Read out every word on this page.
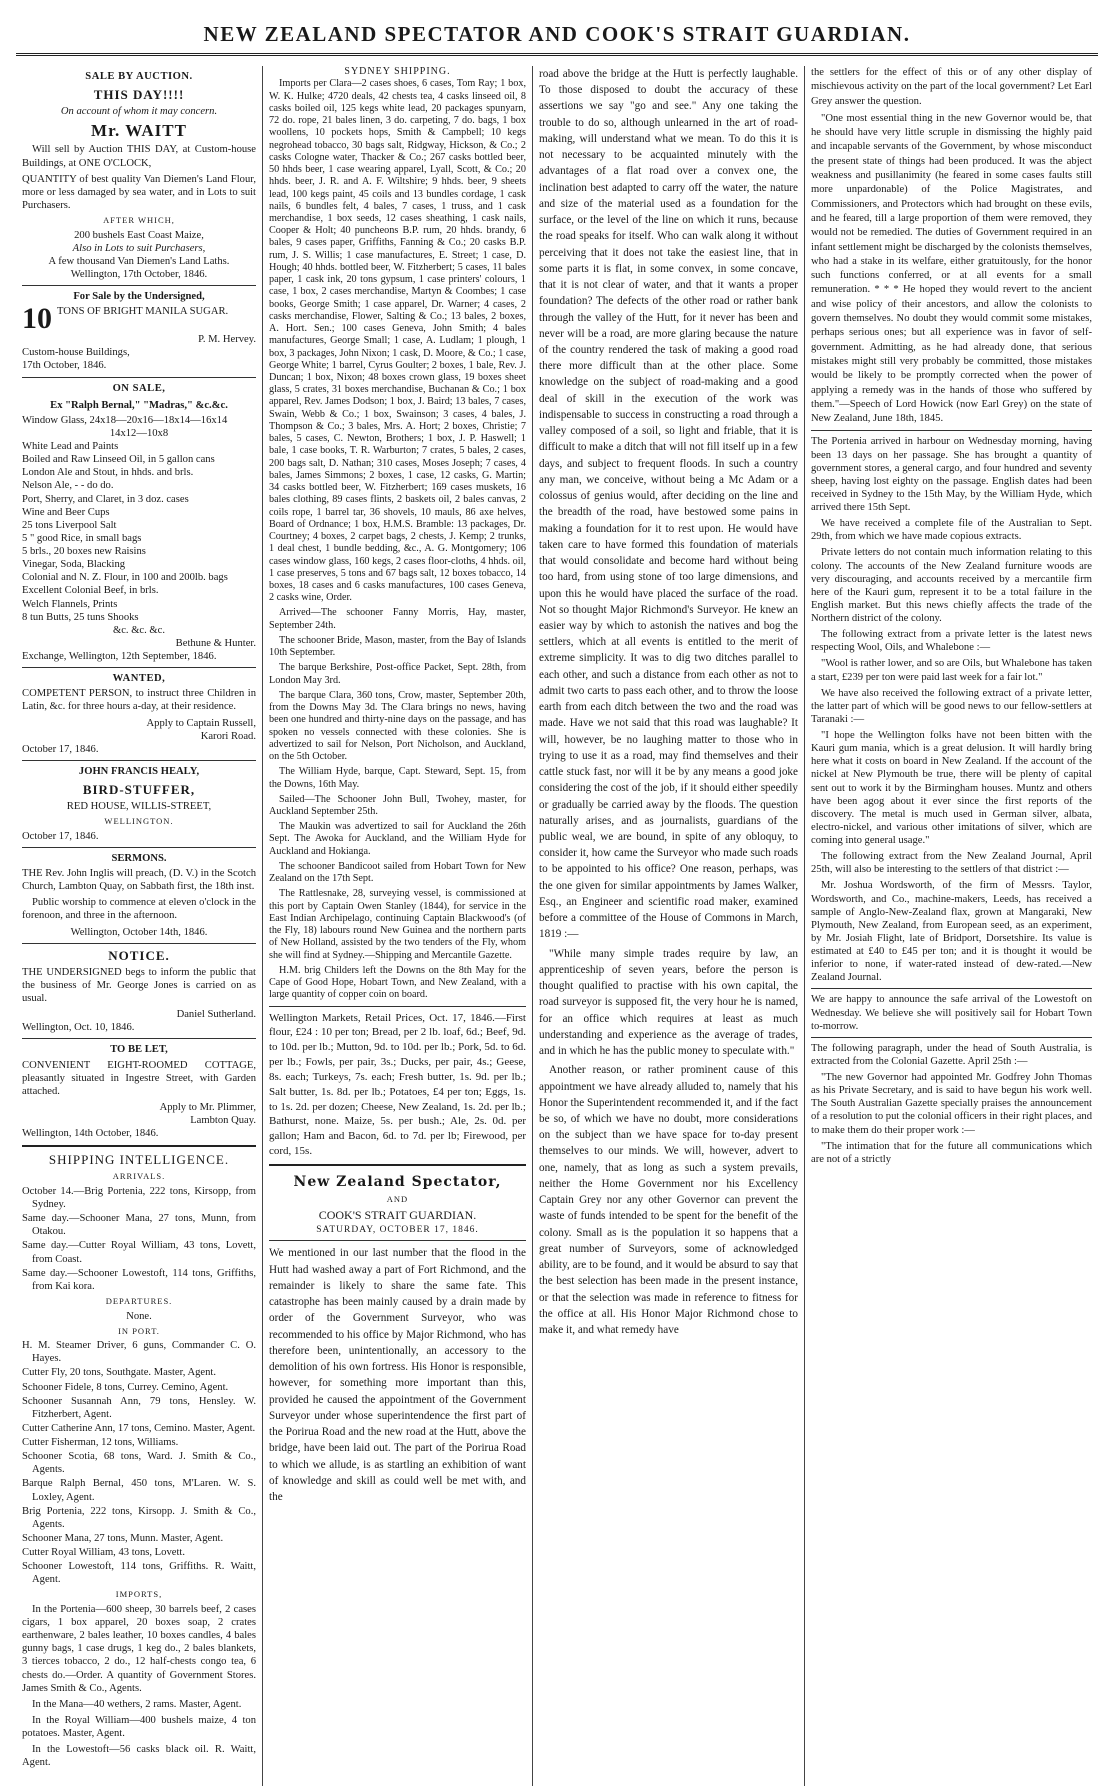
NEW ZEALAND SPECTATOR AND COOK'S STRAIT GUARDIAN.
SALE BY AUCTION.
THIS DAY!!!!
On account of whom it may concern.
Mr. WAITT

Will sell by Auction THIS DAY, at Custom-house Buildings, at ONE O'CLOCK,

QUANTITY of best quality Van Diemen's Land Flour, more or less damaged by sea water, and in Lots to suit Purchasers.

AFTER WHICH,
200 bushels East Coast Maize,
Also in Lots to suit Purchasers,
A few thousand Van Diemen's Land Laths.
Wellington, 17th October, 1846.
For Sale by the Undersigned,
10 TONS OF BRIGHT MANILA SUGAR.
P. M. Hervey.
Custom-house Buildings,
17th October, 1846.
ON SALE,
Ex "Ralph Bernal," "Madras," &c.&c.
Window Glass, 24x18—20x16—18x14—16x14
14x12—10x8
White Lead and Paints
Boiled and Raw Linseed Oil, in 5 gallon cans
London Ale and Stout, in hhds. and brls.
Nelson Ale, - - do do.
Port, Sherry, and Claret, in 3 doz. cases
Wine and Beer Cups
25 tons Liverpool Salt
5 " good Rice, in small bags
5 brls., 20 boxes new Raisins
Vinegar, Soda, Blacking
Colonial and N. Z. Flour, in 100 and 200lb. bags
Excellent Colonial Beef, in brls.
Welch Flannels, Prints
8 tun Butts, 25 tuns Shooks
&c. &c. &c.
Bethune & Hunter.
Exchange, Wellington, 12th September, 1846.
WANTED,

COMPETENT PERSON, to instruct three Children in Latin, &c. for three hours a-day, at their residence.

Apply to Captain Russell,
Karori Road.
October 17, 1846.
JOHN FRANCIS HEALY,
BIRD-STUFFER,
RED HOUSE, WILLIS-STREET,
WELLINGTON.
October 17, 1846.
SERMONS.

THE Rev. John Inglis will preach, (D. V.) in the Scotch Church, Lambton Quay, on Sabbath first, the 18th inst.

Public worship to commence at eleven o'clock in the forenoon, and three in the afternoon.

Wellington, October 14th, 1846.
NOTICE.

THE UNDERSIGNED begs to inform the public that the business of Mr. George Jones is carried on as usual.

Daniel Sutherland.
Wellington, Oct. 10, 1846.
TO BE LET,

CONVENIENT EIGHT-ROOMED COTTAGE, pleasantly situated in Ingestre Street, with Garden attached.

Apply to Mr. Plimmer,
Lambton Quay.
Wellington, 14th October, 1846.
SHIPPING INTELLIGENCE.
ARRIVALS.
October 14.—Brig Portenia, 222 tons, Kirsopp, from Sydney.
Same day.—Schooner Mana, 27 tons, Munn, from Otakou.
Same day.—Cutter Royal William, 43 tons, Lovett, from Coast.
Same day.—Schooner Lowestoft, 114 tons, Griffiths, from Kai kora.
DEPARTURES.
None.
IN PORT.
H. M. Steamer Driver, 6 guns, Commander C. O. Hayes.
Cutter Fly, 20 tons, Southgate. Master, Agent.
Schooner Fidele, 8 tons, Currey. Cemino, Agent.
Schooner Susannah Ann, 79 tons, Hensley. W. Fitzherbert, Agent.
Cutter Catherine Ann, 17 tons, Cemino. Master, Agent.
Cutter Fisherman, 12 tons, Williams.
Schooner Scotia, 68 tons, Ward. J. Smith & Co., Agents.
Barque Ralph Bernal, 450 tons, M'Laren. W. S. Loxley, Agent.
Brig Portenia, 222 tons, Kirsopp. J. Smith & Co., Agents.
Schooner Mana, 27 tons, Munn. Master, Agent.
Cutter Royal William, 43 tons, Lovett.
Schooner Lowestoft, 114 tons, Griffiths. R. Waitt, Agent.
IMPORTS,

In the Portenia—600 sheep, 30 barrels beef, 2 cases cigars, 1 box apparel, 20 boxes soap, 2 crates earthenware, 2 bales leather, 10 boxes candles, 4 bales gunny bags, 1 case drugs, 1 keg do., 2 bales blankets, 3 tierces tobacco, 2 do., 12 half-chests congo tea, 6 chests do.—Order. A quantity of Government Stores. James Smith & Co., Agents.

In the Mana—40 wethers, 2 rams. Master, Agent.

In the Royal William—400 bushels maize, 4 ton potatoes. Master, Agent.

In the Lowestoft—56 casks black oil. R. Waitt, Agent.

SYDNEY SHIPPING.

Imports per Clara—2 cases shoes, 6 cases, Tom Ray; 1 box, W. K. Hulke; 4720 deals, 42 chests tea, 4 casks linseed oil, 8 casks boiled oil, 125 kegs white lead, 20 packages spunyarn, 72 do. rope, 21 bales linen, 3 do. carpeting, 7 do. bags, 1 box woollens, 10 pockets hops, Smith & Campbell; 10 kegs negrohead tobacco, 30 bags salt, Ridgway, Hickson, & Co.; 2 casks Cologne water, Thacker & Co.; 267 casks bottled beer, 50 hhds beer, 1 case wearing apparel, Lyall, Scott, & Co.; 20 hhds. beer, J. R. and A. F. Wiltshire; 9 hhds. beer, 9 sheets lead, 100 kegs paint, 45 coils and 13 bundles cordage, 1 cask nails, 6 bundles felt, 4 bales, 7 cases, 1 truss, and 1 cask merchandise, 1 box seeds, 12 cases sheathing, 1 cask nails, Cooper & Holt; 40 puncheons B.P. rum, 20 hhds. brandy, 6 bales, 9 cases paper, Griffiths, Fanning & Co.; 20 casks B.P. rum, J. S. Willis; 1 case manufactures, E. Street; 1 case, D. Hough; 40 hhds. bottled beer, W. Fitzherbert; 5 cases, 11 bales paper, 1 cask ink, 20 tons gypsum, 1 case printers' colours, 1 case, 1 box, 2 cases merchandise, Martyn & Coombes; 1 case books, George Smith; 1 case apparel, Dr. Warner; 4 cases, 2 casks merchandise, Flower, Salting & Co.; 13 bales, 2 boxes, A. Hort. Sen.; 100 cases Geneva, John Smith; 4 bales manufactures, George Small; 1 case, A. Ludlam; 1 plough, 1 box, 3 packages, John Nixon; 1 cask, D. Moore, & Co.; 1 case, George White; 1 barrel, Cyrus Goulter; 2 boxes, 1 bale, Rev. J. Duncan; 1 box, Nixon; 48 boxes crown glass, 19 boxes sheet glass, 5 crates, 31 boxes merchandise, Buchanan & Co.; 1 box apparel, Rev. James Dodson; 1 box, J. Baird; 13 bales, 7 cases, Swain, Webb & Co.; 1 box, Swainson; 3 cases, 4 bales, J. Thompson & Co.; 3 bales, Mrs. A. Hort; 2 boxes, Christie; 7 bales, 5 cases, C. Newton, Brothers; 1 box, J. P. Haswell; 1 bale, 1 case books, T. R. Warburton; 7 crates, 5 bales, 2 cases, 200 bags salt, D. Nathan; 310 cases, Moses Joseph; 7 cases, 4 bales, James Simmons; 2 boxes, 1 case, 12 casks, G. Martin; 34 casks bottled beer, W. Fitzherbert; 169 cases muskets, 16 bales clothing, 89 cases flints, 2 baskets oil, 2 bales canvas, 2 coils rope, 1 barrel tar, 36 shovels, 10 mauls, 86 axe helves, Board of Ordnance; 1 box, H.M.S. Bramble: 13 packages, Dr. Courtney; 4 boxes, 2 carpet bags, 2 chests, J. Kemp; 2 trunks, 1 deal chest, 1 bundle bedding, &c., A. G. Montgomery; 106 cases window glass, 160 kegs, 2 cases floor-cloths, 4 hhds. oil, 1 case preserves, 5 tons and 67 bags salt, 12 boxes tobacco, 14 boxes, 18 cases and 6 casks manufactures, 100 cases Geneva, 2 casks wine, Order.

Arrived—The schooner Fanny Morris, Hay, master, September 24th.

The schooner Bride, Mason, master, from the Bay of Islands 10th September.

The barque Berkshire, Post-office Packet, Sept. 28th, from London May 3rd.

The barque Clara, 360 tons, Crow, master, September 20th, from the Downs May 3d. The Clara brings no news, having been one hundred and thirty-nine days on the passage, and has spoken no vessels connected with these colonies. She is advertized to sail for Nelson, Port Nicholson, and Auckland, on the 5th October.

The William Hyde, barque, Capt. Steward, Sept. 15, from the Downs, 16th May.

Sailed—The Schooner John Bull, Twohey, master, for Auckland September 25th.

The Maukin was advertized to sail for Auckland the 26th Sept. The Awoka for Auckland, and the William Hyde for Auckland and Hokianga.

The schooner Bandicoot sailed from Hobart Town for New Zealand on the 17th Sept.

The Rattlesnake, 28, surveying vessel, is commissioned at this port by Captain Owen Stanley (1844), for service in the East Indian Archipelago, continuing Captain Blackwood's (of the Fly, 18) labours round New Guinea and the northern parts of New Holland, assisted by the two tenders of the Fly, whom she will find at Sydney.—Shipping and Mercantile Gazette.

H.M. brig Childers left the Downs on the 8th May for the Cape of Good Hope, Hobart Town, and New Zealand, with a large quantity of copper coin on board.

Wellington Markets, Retail Prices, Oct. 17, 1846.—First flour, £24 : 10 per ton; Bread, per 2 lb. loaf, 6d.; Beef, 9d. to 10d. per lb.; Mutton, 9d. to 10d. per lb.; Pork, 5d. to 6d. per lb.; Fowls, per pair, 3s.; Ducks, per pair, 4s.; Geese, 8s. each; Turkeys, 7s. each; Fresh butter, 1s. 9d. per lb.; Salt butter, 1s. 8d. per lb.; Potatoes, £4 per ton; Eggs, 1s. to 1s. 2d. per dozen; Cheese, New Zealand, 1s. 2d. per lb.; Bathurst, none. Maize, 5s. per bush.; Ale, 2s. 0d. per gallon; Ham and Bacon, 6d. to 7d. per lb; Firewood, per cord, 15s.

New Zealand Spectator,
AND
COOK'S STRAIT GUARDIAN.
SATURDAY, OCTOBER 17, 1846.

We mentioned in our last number that the flood in the Hutt had washed away a part of Fort Richmond, and the remainder is likely to share the same fate. This catastrophe has been mainly caused by a drain made by order of the Government Surveyor, who was recommended to his office by Major Richmond, who has therefore been, unintentionally, an accessory to the demolition of his own fortress. His Honor is responsible, however, for something more important than this, provided he caused the appointment of the Government Surveyor under whose superintendence the first part of the Porirua Road and the new road at the Hutt, above the bridge, have been laid out. The part of the Porirua Road to which we allude, is as startling an exhibition of want of knowledge and skill as could well be met with, and the

road above the bridge at the Hutt is perfectly laughable. To those disposed to doubt the accuracy of these assertions we say "go and see." Any one taking the trouble to do so, although unlearned in the art of road-making, will understand what we mean. To do this it is not necessary to be acquainted minutely with the advantages of a flat road over a convex one, the inclination best adapted to carry off the water, the nature and size of the material used as a foundation for the surface, or the level of the line on which it runs, because the road speaks for itself. Who can walk along it without perceiving that it does not take the easiest line, that in some parts it is flat, in some convex, in some concave, that it is not clear of water, and that it wants a proper foundation? The defects of the other road or rather bank through the valley of the Hutt, for it never has been and never will be a road, are more glaring because the nature of the country rendered the task of making a good road there more difficult than at the other place. Some knowledge on the subject of road-making and a good deal of skill in the execution of the work was indispensable to success in constructing a road through a valley composed of a soil, so light and friable, that it is difficult to make a ditch that will not fill itself up in a few days, and subject to frequent floods. In such a country any man, we conceive, without being a Mc Adam or a colossus of genius would, after deciding on the line and the breadth of the road, have bestowed some pains in making a foundation for it to rest upon. He would have taken care to have formed this foundation of materials that would consolidate and become hard without being too hard, from using stone of too large dimensions, and upon this he would have placed the surface of the road. Not so thought Major Richmond's Surveyor. He knew an easier way by which to astonish the natives and bog the settlers, which at all events is entitled to the merit of extreme simplicity. It was to dig two ditches parallel to each other, and such a distance from each other as not to admit two carts to pass each other, and to throw the loose earth from each ditch between the two and the road was made. Have we not said that this road was laughable? It will, however, be no laughing matter to those who in trying to use it as a road, may find themselves and their cattle stuck fast, nor will it be by any means a good joke considering the cost of the job, if it should either speedily or gradually be carried away by the floods. The question naturally arises, and as journalists, guardians of the public weal, we are bound, in spite of any obloquy, to consider it, how came the Surveyor who made such roads to be appointed to his office? One reason, perhaps, was the one given for similar appointments by James Walker, Esq., an Engineer and scientific road maker, examined before a committee of the House of Commons in March, 1819 :—

"While many simple trades require by law, an apprenticeship of seven years, before the person is thought qualified to practise with his own capital, the road surveyor is supposed fit, the very hour he is named, for an office which requires at least as much understanding and experience as the average of trades, and in which he has the public money to speculate with."

Another reason, or rather prominent cause of this appointment we have already alluded to, namely that his Honor the Superintendent recommended it, and if the fact be so, of which we have no doubt, more considerations on the subject than we have space for to-day present themselves to our minds. We will, however, advert to one, namely, that as long as such a system prevails, neither the Home Government nor his Excellency Captain Grey nor any other Governor can prevent the waste of funds intended to be spent for the benefit of the colony. Small as is the population it so happens that a great number of Surveyors, some of acknowledged ability, are to be found, and it would be absurd to say that the best selection has been made in the present instance, or that the selection was made in reference to fitness for the office at all. His Honor Major Richmond chose to make it, and what remedy have

the settlers for the effect of this or of any other display of mischievous activity on the part of the local government? Let Earl Grey answer the question.

"One most essential thing in the new Governor would be, that he should have very little scruple in dismissing the highly paid and incapable servants of the Government, by whose misconduct the present state of things had been produced. It was the abject weakness and pusillanimity (he feared in some cases faults still more unpardonable) of the Police Magistrates, and Commissioners, and Protectors which had brought on these evils, and he feared, till a large proportion of them were removed, they would not be remedied. The duties of Government required in an infant settlement might be discharged by the colonists themselves, who had a stake in its welfare, either gratuitously, for the honor such functions conferred, or at all events for a small remuneration. * * * He hoped they would revert to the ancient and wise policy of their ancestors, and allow the colonists to govern themselves. No doubt they would commit some mistakes, perhaps serious ones; but all experience was in favor of self-government. Admitting, as he had already done, that serious mistakes might still very probably be committed, those mistakes would be likely to be promptly corrected when the power of applying a remedy was in the hands of those who suffered by them."—Speech of Lord Howick (now Earl Grey) on the state of New Zealand, June 18th, 1845.

The Portenia arrived in harbour on Wednesday morning, having been 13 days on her passage. She has brought a quantity of government stores, a general cargo, and four hundred and seventy sheep, having lost eighty on the passage. English dates had been received in Sydney to the 15th May, by the William Hyde, which arrived there 15th Sept.

We have received a complete file of the Australian to Sept. 29th, from which we have made copious extracts.

Private letters do not contain much information relating to this colony. The accounts of the New Zealand furniture woods are very discouraging, and accounts received by a mercantile firm here of the Kauri gum, represent it to be a total failure in the English market. But this news chiefly affects the trade of the Northern district of the colony.

The following extract from a private letter is the latest news respecting Wool, Oils, and Whalebone :—

"Wool is rather lower, and so are Oils, but Whalebone has taken a start, £239 per ton were paid last week for a fair lot."

We have also received the following extract of a private letter, the latter part of which will be good news to our fellow-settlers at Taranaki :—

"I hope the Wellington folks have not been bitten with the Kauri gum mania, which is a great delusion. It will hardly bring here what it costs on board in New Zealand. If the account of the nickel at New Plymouth be true, there will be plenty of capital sent out to work it by the Birmingham houses. Muntz and others have been agog about it ever since the first reports of the discovery. The metal is much used in German silver, albata, electro-nickel, and various other imitations of silver, which are coming into general usage."

The following extract from the New Zealand Journal, April 25th, will also be interesting to the settlers of that district :—

Mr. Joshua Wordsworth, of the firm of Messrs. Taylor, Wordsworth, and Co., machine-makers, Leeds, has received a sample of Anglo-New-Zealand flax, grown at Mangaraki, New Plymouth, New Zealand, from European seed, as an experiment, by Mr. Josiah Flight, late of Bridport, Dorsetshire. Its value is estimated at £40 to £45 per ton; and it is thought it would be inferior to none, if water-rated instead of dew-rated.—New Zealand Journal.

We are happy to announce the safe arrival of the Lowestoft on Wednesday. We believe she will positively sail for Hobart Town to-morrow.

The following paragraph, under the head of South Australia, is extracted from the Colonial Gazette. April 25th :—

"The new Governor had appointed Mr. Godfrey John Thomas as his Private Secretary, and is said to have begun his work well. The South Australian Gazette specially praises the announcement of a resolution to put the colonial officers in their right places, and to make them do their proper work :—

"The intimation that for the future all communications which are not of a strictly
